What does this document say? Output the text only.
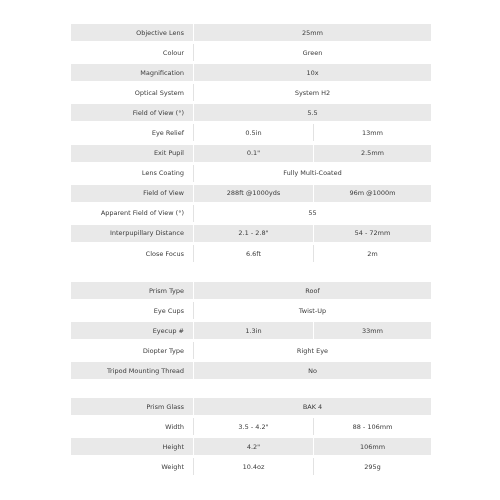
Objective Lens	25mm
Colour	Green
Magnification	10x
Optical System	System H2
Field of View (°)	5.5
Eye Relief	0.5in	13mm
Exit Pupil	0.1"	2.5mm
Lens Coating	Fully Multi-Coated
Field of View	288ft @1000yds	96m @1000m
Apparent Field of View (°)	55
Interpupillary Distance	2.1 - 2.8"	54 - 72mm
Close Focus	6.6ft	2m
Prism Type	Roof
Eye Cups	Twist-Up
Eyecup #	1.3in	33mm
Diopter Type	Right Eye
Tripod Mounting Thread	No
Prism Glass	BAK 4
Width	3.5 - 4.2"	88 - 106mm
Height	4.2"	106mm
Weight	10.4oz	295g
